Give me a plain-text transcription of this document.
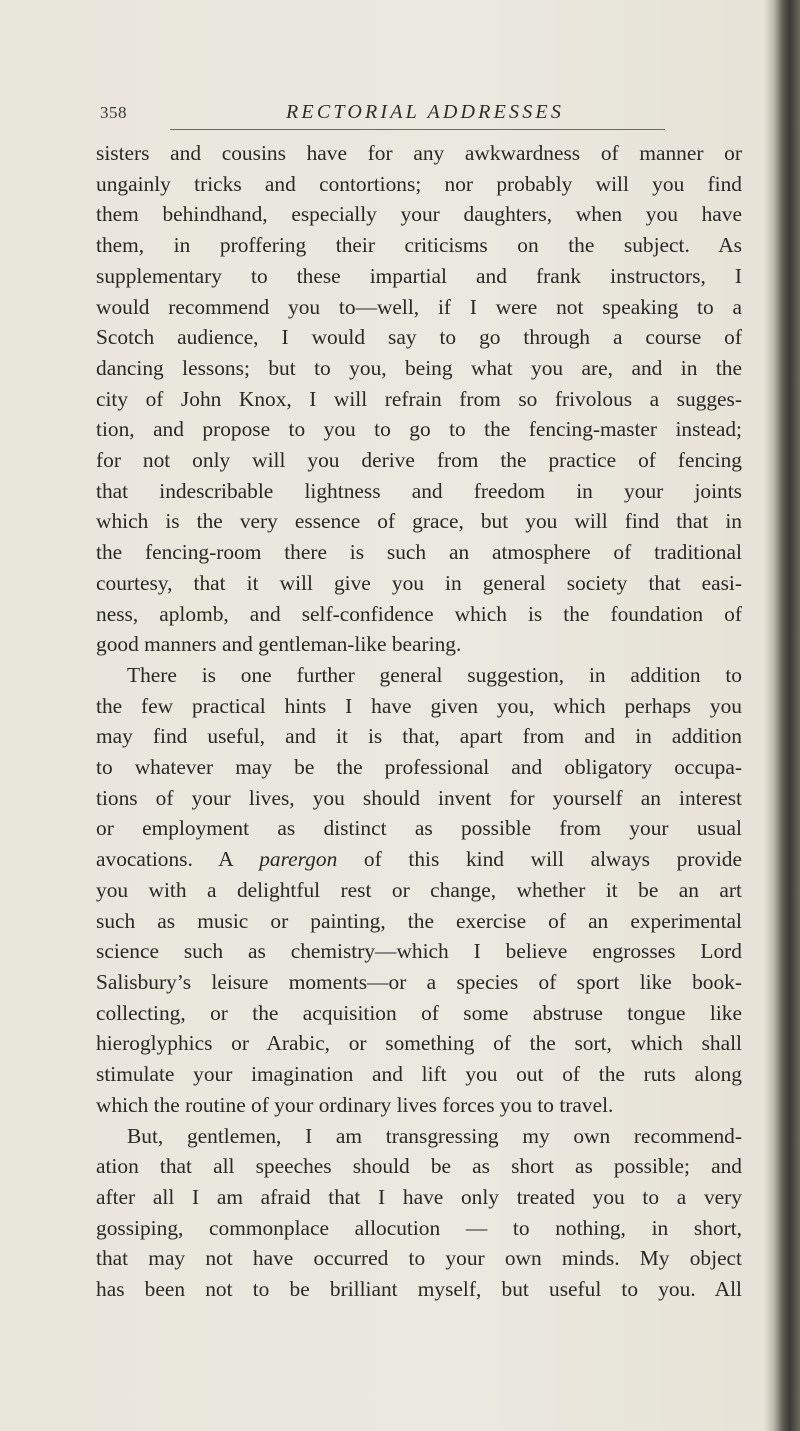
358	RECTORIAL ADDRESSES

sisters and cousins have for any awkwardness of manner or

ungainly tricks and contortions; nor probably will you find

them behindhand, especially your daughters, when you have

them, in proffering their criticisms on the subject. As

supplementary to these impartial and frank instructors, I

would recommend you to—well, if I were not speaking to a

Scotch audience, I would say to go through a course of

dancing lessons; but to you, being what you are, and in the

city of John Knox, I will refrain from so frivolous a sugges-

tion, and propose to you to go to the fencing-master instead;

for not only will you derive from the practice of fencing

that indescribable lightness and freedom in your joints

which is the very essence of grace, but you will find that in

the fencing-room there is such an atmosphere of traditional

courtesy, that it will give you in general society that easi-

ness, aplomb, and self-confidence which is the foundation of

good manners and gentleman-like bearing.

There is one further general suggestion, in addition to

the few practical hints I have given you, which perhaps you

may find useful, and it is that, apart from and in addition

to whatever may be the professional and obligatory occupa-

tions of your lives, you should invent for yourself an interest

or employment as distinct as possible from your usual

avocations. A parergon of this kind will always provide

you with a delightful rest or change, whether it be an art

such as music or painting, the exercise of an experimental

science such as chemistry—which I believe engrosses Lord

Salisbury’s leisure moments—or a species of sport like book-

collecting, or the acquisition of some abstruse tongue like

hieroglyphics or Arabic, or something of the sort, which shall

stimulate your imagination and lift you out of the ruts along

which the routine of your ordinary lives forces you to travel.

But, gentlemen, I am transgressing my own recommend-

ation that all speeches should be as short as possible; and

after all I am afraid that I have only treated you to a very

gossiping, commonplace allocution — to nothing, in short,

that may not have occurred to your own minds. My object

has been not to be brilliant myself, but useful to you. All
